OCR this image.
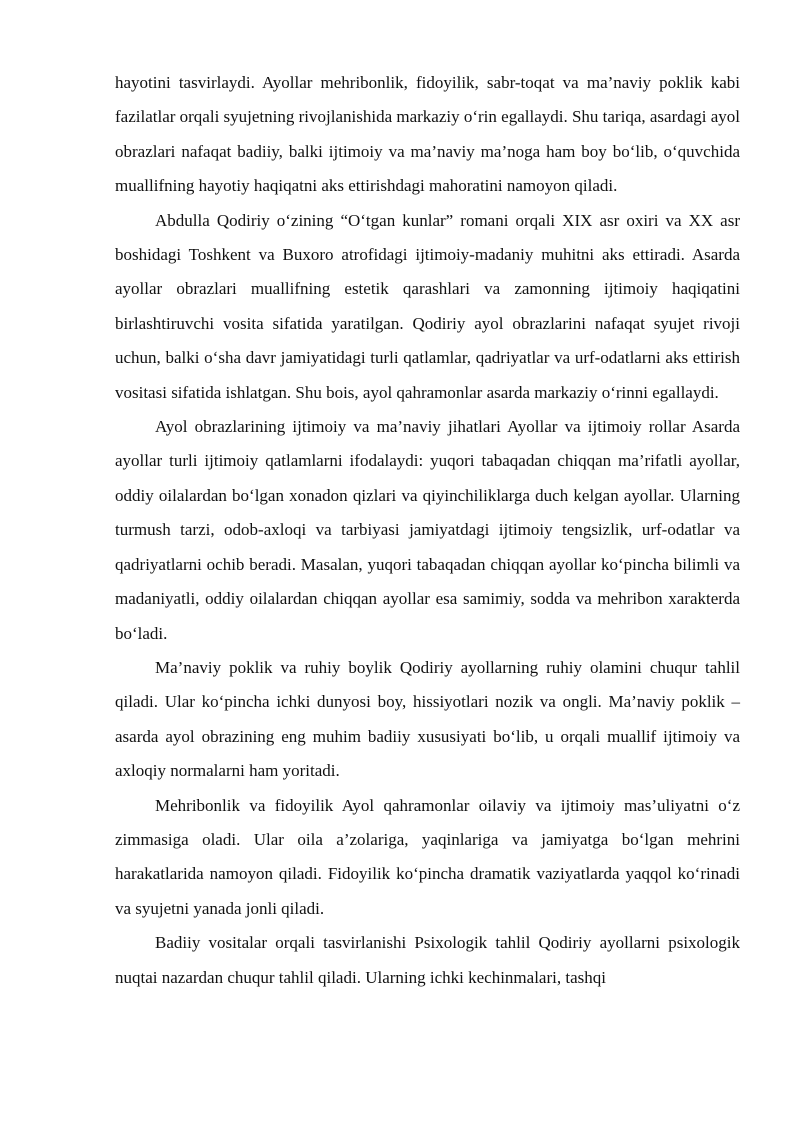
hayotini tasvirlaydi. Ayollar mehribonlik, fidoyilik, sabr-toqat va ma’naviy poklik kabi fazilatlar orqali syujetning rivojlanishida markaziy o‘rin egallaydi. Shu tariqa, asardagi ayol obrazlari nafaqat badiiy, balki ijtimoiy va ma’naviy ma’noga ham boy bo‘lib, o‘quvchida muallifning hayotiy haqiqatni aks ettirishdagi mahoratini namoyon qiladi.

Abdulla Qodiriy o‘zining “O‘tgan kunlar” romani orqali XIX asr oxiri va XX asr boshidagi Toshkent va Buxoro atrofidagi ijtimoiy-madaniy muhitni aks ettiradi. Asarda ayollar obrazlari muallifning estetik qarashlari va zamonning ijtimoiy haqiqatini birlashtiruvchi vosita sifatida yaratilgan. Qodiriy ayol obrazlarini nafaqat syujet rivoji uchun, balki o‘sha davr jamiyatidagi turli qatlamlar, qadriyatlar va urf-odatlarni aks ettirish vositasi sifatida ishlatgan. Shu bois, ayol qahramonlar asarda markaziy o‘rinni egallaydi.

Ayol obrazlarining ijtimoiy va ma’naviy jihatlari Ayollar va ijtimoiy rollar Asarda ayollar turli ijtimoiy qatlamlarni ifodalaydi: yuqori tabaqadan chiqqan ma’rifatli ayollar, oddiy oilalardan bo‘lgan xonadon qizlari va qiyinchiliklarga duch kelgan ayollar. Ularning turmush tarzi, odob-axloqi va tarbiyasi jamiyatdagi ijtimoiy tengsizlik, urf-odatlar va qadriyatlarni ochib beradi. Masalan, yuqori tabaqadan chiqqan ayollar ko‘pincha bilimli va madaniyatli, oddiy oilalardan chiqqan ayollar esa samimiy, sodda va mehribon xarakterda bo‘ladi.

Ma’naviy poklik va ruhiy boylik Qodiriy ayollarning ruhiy olamini chuqur tahlil qiladi. Ular ko‘pincha ichki dunyosi boy, hissiyotlari nozik va ongli. Ma’naviy poklik – asarda ayol obrazining eng muhim badiiy xususiyati bo‘lib, u orqali muallif ijtimoiy va axloqiy normalarni ham yoritadi.

Mehribonlik va fidoyilik Ayol qahramonlar oilaviy va ijtimoiy mas’uliyatni o‘z zimmasiga oladi. Ular oila a’zolariga, yaqinlariga va jamiyatga bo‘lgan mehrini harakatlarida namoyon qiladi. Fidoyilik ko‘pincha dramatik vaziyatlarda yaqqol ko‘rinadi va syujetni yanada jonli qiladi.

Badiiy vositalar orqali tasvirlanishi Psixologik tahlil Qodiriy ayollarni psixologik nuqtai nazardan chuqur tahlil qiladi. Ularning ichki kechinmalari, tashqi
